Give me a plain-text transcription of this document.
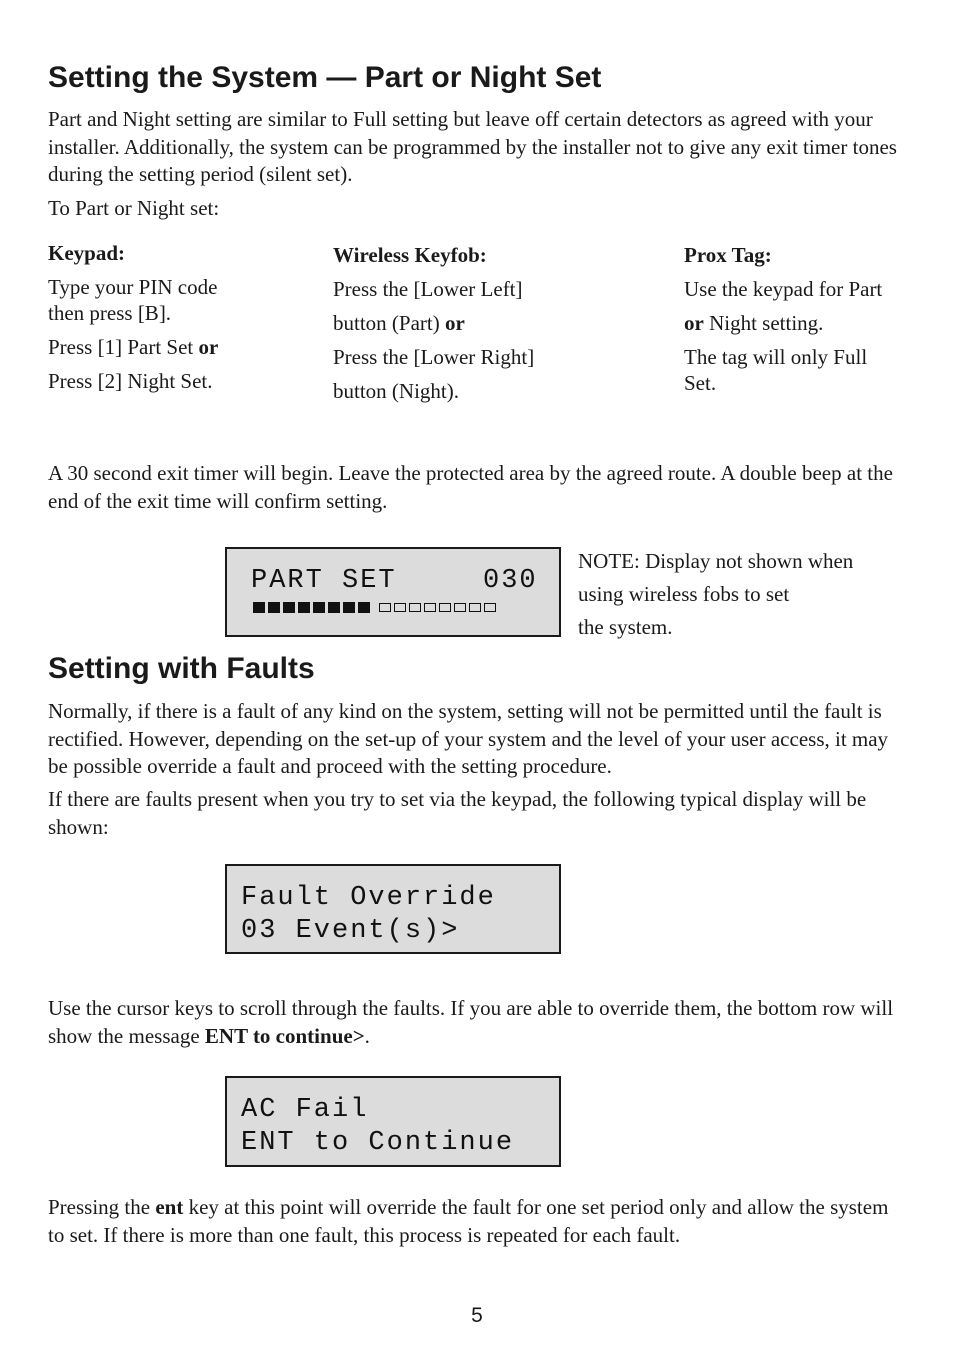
Setting the System — Part or Night Set

Part and Night setting are similar to Full setting but leave off certain detectors as agreed with your installer. Additionally, the system can be programmed by the installer not to give any exit timer tones during the setting period (silent set).

To Part or Night set:

Keypad:
Type your PIN code
then press [B].
Press [1] Part Set or
Press [2] Night Set.
Wireless Keyfob:
Press the [Lower Left]
button (Part) or
Press the [Lower Right]
button (Night).
Prox Tag:
Use the keypad for Part
or Night setting.
The tag will only Full
Set.

A 30 second exit timer will begin. Leave the protected area by the agreed route. A double beep at the end of the exit time will confirm setting.

PART SET	030
NOTE: Display not shown when
using wireless fobs to set
the system.
Setting with Faults

Normally, if there is a fault of any kind on the system, setting will not be permitted until the fault is rectified. However, depending on the set-up of your system and the level of your user access, it may be possible override a fault and proceed with the setting procedure.

If there are faults present when you try to set via the keypad, the following typical display will be shown:

Fault Override
03 Event(s)>

Use the cursor keys to scroll through the faults. If you are able to override them, the bottom row will show the message ENT to continue>.

AC Fail
ENT to Continue

Pressing the ent key at this point will override the fault for one set period only and allow the system to set. If there is more than one fault, this process is repeated for each fault.

5
